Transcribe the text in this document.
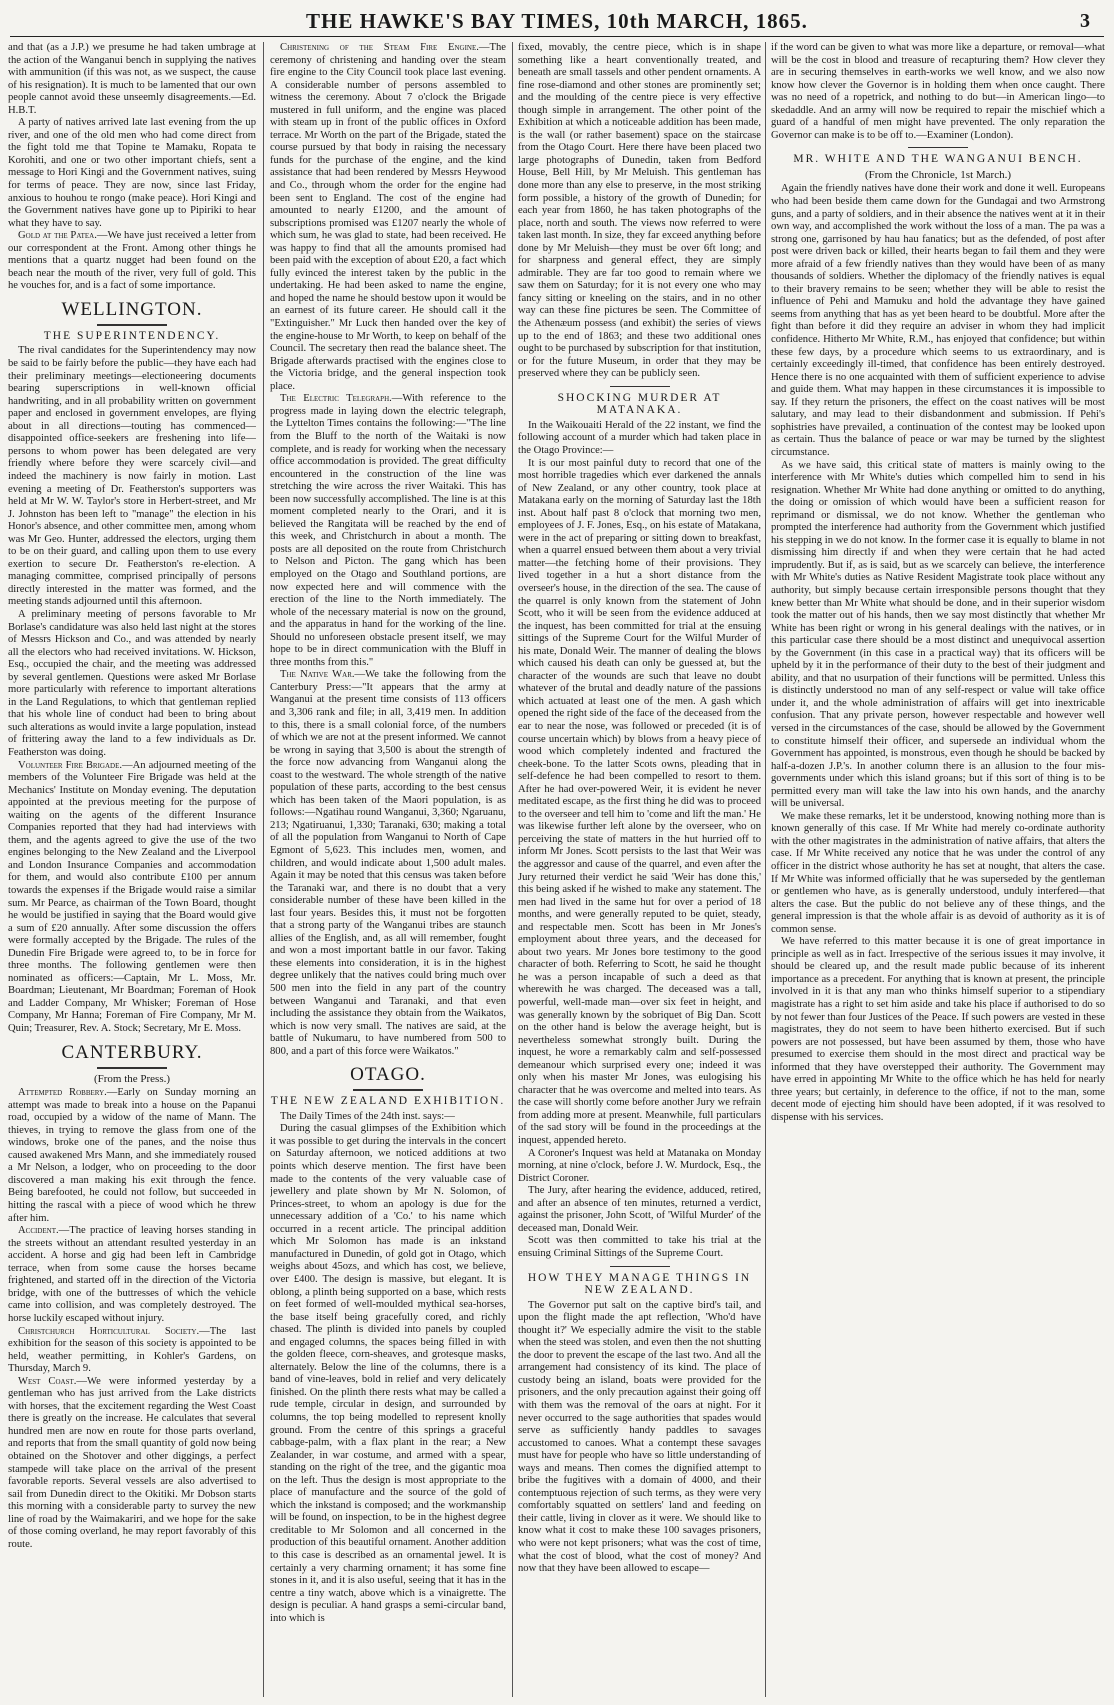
THE HAWKE'S BAY TIMES, 10th MARCH, 1865.	3

and that (as a J.P.) we presume he had taken umbrage at the action of the Wanganui bench in supplying the natives with ammunition (if this was not, as we suspect, the cause of his resignation). It is much to be lamented that our own people cannot avoid these unseemly disagreements.—Ed. H.B.T.

A party of natives arrived late last evening from the up river, and one of the old men who had come direct from the fight told me that Topine te Mamaku, Ropata te Korohiti, and one or two other important chiefs, sent a message to Hori Kingi and the Government natives, suing for terms of peace. They are now, since last Friday, anxious to houhou te rongo (make peace). Hori Kingi and the Government natives have gone up to Pipiriki to hear what they have to say.

Gold at the Patea.—We have just received a letter from our correspondent at the Front. Among other things he mentions that a quartz nugget had been found on the beach near the mouth of the river, very full of gold. This he vouches for, and is a fact of some importance.

WELLINGTON.
THE SUPERINTENDENCY.

The rival candidates for the Superintendency may now be said to be fairly before the public—they have each had their preliminary meetings—electioneering documents bearing superscriptions in well-known official handwriting, and in all probability written on government paper and enclosed in government envelopes, are flying about in all directions—touting has commenced—disappointed office-seekers are freshening into life—persons to whom power has been delegated are very friendly where before they were scarcely civil—and indeed the machinery is now fairly in motion. Last evening a meeting of Dr. Featherston's supporters was held at Mr W. W. Taylor's store in Herbert-street, and Mr J. Johnston has been left to "manage" the election in his Honor's absence, and other committee men, among whom was Mr Geo. Hunter, addressed the electors, urging them to be on their guard, and calling upon them to use every exertion to secure Dr. Featherston's re-election. A managing committee, comprised principally of persons directly interested in the matter was formed, and the meeting stands adjourned until this afternoon.

A preliminary meeting of persons favorable to Mr Borlase's candidature was also held last night at the stores of Messrs Hickson and Co., and was attended by nearly all the electors who had received invitations. W. Hickson, Esq., occupied the chair, and the meeting was addressed by several gentlemen. Questions were asked Mr Borlase more particularly with reference to important alterations in the Land Regulations, to which that gentleman replied that his whole line of conduct had been to bring about such alterations as would invite a large population, instead of frittering away the land to a few individuals as Dr. Featherston was doing.

Volunteer Fire Brigade.—An adjourned meeting of the members of the Volunteer Fire Brigade was held at the Mechanics' Institute on Monday evening. The deputation appointed at the previous meeting for the purpose of waiting on the agents of the different Insurance Companies reported that they had had interviews with them, and the agents agreed to give the use of the two engines belonging to the New Zealand and the Liverpool and London Insurance Companies and accommodation for them, and would also contribute £100 per annum towards the expenses if the Brigade would raise a similar sum. Mr Pearce, as chairman of the Town Board, thought he would be justified in saying that the Board would give a sum of £20 annually. After some discussion the offers were formally accepted by the Brigade. The rules of the Dunedin Fire Brigade were agreed to, to be in force for three months. The following gentlemen were then nominated as officers:—Captain, Mr L. Moss, Mr. Boardman; Lieutenant, Mr Boardman; Foreman of Hook and Ladder Company, Mr Whisker; Foreman of Hose Company, Mr Hanna; Foreman of Fire Company, Mr M. Quin; Treasurer, Rev. A. Stock; Secretary, Mr E. Moss.

CANTERBURY.
(From the Press.)

Attempted Robbery.—Early on Sunday morning an attempt was made to break into a house on the Papanui road, occupied by a widow of the name of Mann. The thieves, in trying to remove the glass from one of the windows, broke one of the panes, and the noise thus caused awakened Mrs Mann, and she immediately roused a Mr Nelson, a lodger, who on proceeding to the door discovered a man making his exit through the fence. Being barefooted, he could not follow, but succeeded in hitting the rascal with a piece of wood which he threw after him.

Accident.—The practice of leaving horses standing in the streets without an attendant resulted yesterday in an accident. A horse and gig had been left in Cambridge terrace, when from some cause the horses became frightened, and started off in the direction of the Victoria bridge, with one of the buttresses of which the vehicle came into collision, and was completely destroyed. The horse luckily escaped without injury.

Christchurch Horticultural Society.—The last exhibition for the season of this society is appointed to be held, weather permitting, in Kohler's Gardens, on Thursday, March 9.

West Coast.—We were informed yesterday by a gentleman who has just arrived from the Lake districts with horses, that the excitement regarding the West Coast there is greatly on the increase. He calculates that several hundred men are now en route for those parts overland, and reports that from the small quantity of gold now being obtained on the Shotover and other diggings, a perfect stampede will take place on the arrival of the present favorable reports. Several vessels are also advertised to sail from Dunedin direct to the Okitiki. Mr Dobson starts this morning with a considerable party to survey the new line of road by the Waimakariri, and we hope for the sake of those coming overland, he may report favorably of this route.

Christening of the Steam Fire Engine.—The ceremony of christening and handing over the steam fire engine to the City Council took place last evening. A considerable number of persons assembled to witness the ceremony. About 7 o'clock the Brigade mustered in full uniform, and the engine was placed with steam up in front of the public offices in Oxford terrace. Mr Worth on the part of the Brigade, stated the course pursued by that body in raising the necessary funds for the purchase of the engine, and the kind assistance that had been rendered by Messrs Heywood and Co., through whom the order for the engine had been sent to England. The cost of the engine had amounted to nearly £1200, and the amount of subscriptions promised was £1207 nearly the whole of which sum, he was glad to state, had been received. He was happy to find that all the amounts promised had been paid with the exception of about £20, a fact which fully evinced the interest taken by the public in the undertaking. He had been asked to name the engine, and hoped the name he should bestow upon it would be an earnest of its future career. He should call it the "Extinguisher." Mr Luck then handed over the key of the engine-house to Mr Worth, to keep on behalf of the Council. The secretary then read the balance sheet. The Brigade afterwards practised with the engines close to the Victoria bridge, and the general inspection took place.

The Electric Telegraph.—With reference to the progress made in laying down the electric telegraph, the Lyttelton Times contains the following:—"The line from the Bluff to the north of the Waitaki is now complete, and is ready for working when the necessary office accommodation is provided. The great difficulty encountered in the construction of the line was stretching the wire across the river Waitaki. This has been now successfully accomplished. The line is at this moment completed nearly to the Orari, and it is believed the Rangitata will be reached by the end of this week, and Christchurch in about a month. The posts are all deposited on the route from Christchurch to Nelson and Picton. The gang which has been employed on the Otago and Southland portions, are now expected here and will commence with the erection of the line to the North immediately. The whole of the necessary material is now on the ground, and the apparatus in hand for the working of the line. Should no unforeseen obstacle present itself, we may hope to be in direct communication with the Bluff in three months from this."

The Native War.—We take the following from the Canterbury Press:—"It appears that the army at Wanganui at the present time consists of 113 officers and 3,306 rank and file; in all, 3,419 men. In addition to this, there is a small colonial force, of the numbers of which we are not at the present informed. We cannot be wrong in saying that 3,500 is about the strength of the force now advancing from Wanganui along the coast to the westward. The whole strength of the native population of these parts, according to the best census which has been taken of the Maori population, is as follows:—Ngatihau round Wanganui, 3,360; Ngaruanu, 213; Ngatiruanui, 1,330; Taranaki, 630; making a total of all the population from Wanganui to North of Cape Egmont of 5,623. This includes men, women, and children, and would indicate about 1,500 adult males. Again it may be noted that this census was taken before the Taranaki war, and there is no doubt that a very considerable number of these have been killed in the last four years. Besides this, it must not be forgotten that a strong party of the Wanganui tribes are staunch allies of the English, and, as all will remember, fought and won a most important battle in our favor. Taking these elements into consideration, it is in the highest degree unlikely that the natives could bring much over 500 men into the field in any part of the country between Wanganui and Taranaki, and that even including the assistance they obtain from the Waikatos, which is now very small. The natives are said, at the battle of Nukumaru, to have numbered from 500 to 800, and a part of this force were Waikatos."

OTAGO.
THE NEW ZEALAND EXHIBITION.

The Daily Times of the 24th inst. says:—

During the casual glimpses of the Exhibition which it was possible to get during the intervals in the concert on Saturday afternoon, we noticed additions at two points which deserve mention. The first have been made to the contents of the very valuable case of jewellery and plate shown by Mr N. Solomon, of Princes-street, to whom an apology is due for the unnecessary addition of a 'Co.' to his name which occurred in a recent article. The principal addition which Mr Solomon has made is an inkstand manufactured in Dunedin, of gold got in Otago, which weighs about 45ozs, and which has cost, we believe, over £400. The design is massive, but elegant. It is oblong, a plinth being supported on a base, which rests on feet formed of well-moulded mythical sea-horses, the base itself being gracefully cored, and richly chased. The plinth is divided into panels by coupled and engaged columns, the spaces being filled in with the golden fleece, corn-sheaves, and grotesque masks, alternately. Below the line of the columns, there is a band of vine-leaves, bold in relief and very delicately finished. On the plinth there rests what may be called a rude temple, circular in design, and surrounded by columns, the top being modelled to represent knolly ground. From the centre of this springs a graceful cabbage-palm, with a flax plant in the rear; a New Zealander, in war costume, and armed with a spear, standing on the right of the tree, and the gigantic moa on the left. Thus the design is most appropriate to the place of manufacture and the source of the gold of which the inkstand is composed; and the workmanship will be found, on inspection, to be in the highest degree creditable to Mr Solomon and all concerned in the production of this beautiful ornament. Another addition to this case is described as an ornamental jewel. It is certainly a very charming ornament; it has some fine stones in it, and it is also useful, seeing that it has in the centre a tiny watch, above which is a vinaigrette. The design is peculiar. A hand grasps a semi-circular band, into which is

fixed, movably, the centre piece, which is in shape something like a heart conventionally treated, and beneath are small tassels and other pendent ornaments. A fine rose-diamond and other stones are prominently set; and the moulding of the centre piece is very effective though simple in arrangement. The other point of the Exhibition at which a noticeable addition has been made, is the wall (or rather basement) space on the staircase from the Otago Court. Here there have been placed two large photographs of Dunedin, taken from Bedford House, Bell Hill, by Mr Meluish. This gentleman has done more than any else to preserve, in the most striking form possible, a history of the growth of Dunedin; for each year from 1860, he has taken photographs of the place, north and south. The views now referred to were taken last month. In size, they far exceed anything before done by Mr Meluish—they must be over 6ft long; and for sharpness and general effect, they are simply admirable. They are far too good to remain where we saw them on Saturday; for it is not every one who may fancy sitting or kneeling on the stairs, and in no other way can these fine pictures be seen. The Committee of the Athenæum possess (and exhibit) the series of views up to the end of 1863; and these two additional ones ought to be purchased by subscription for that institution, or for the future Museum, in order that they may be preserved where they can be publicly seen.

SHOCKING MURDER AT MATANAKA.

In the Waikouaiti Herald of the 22 instant, we find the following account of a murder which had taken place in the Otago Province:—

It is our most painful duty to record that one of the most horrible tragedies which ever darkened the annals of New Zealand, or any other country, took place at Matakana early on the morning of Saturday last the 18th inst. About half past 8 o'clock that morning two men, employees of J. F. Jones, Esq., on his estate of Matakana, were in the act of preparing or sitting down to breakfast, when a quarrel ensued between them about a very trivial matter—the fetching home of their provisions. They lived together in a hut a short distance from the overseer's house, in the direction of the sea. The cause of the quarrel is only known from the statement of John Scott, who it will be seen from the evidence adduced at the inquest, has been committed for trial at the ensuing sittings of the Supreme Court for the Wilful Murder of his mate, Donald Weir. The manner of dealing the blows which caused his death can only be guessed at, but the character of the wounds are such that leave no doubt whatever of the brutal and deadly nature of the passions which actuated at least one of the men. A gash which opened the right side of the face of the deceased from the ear to near the nose, was followed or preceded (it is of course uncertain which) by blows from a heavy piece of wood which completely indented and fractured the cheek-bone. To the latter Scots owns, pleading that in self-defence he had been compelled to resort to them. After he had over-powered Weir, it is evident he never meditated escape, as the first thing he did was to proceed to the overseer and tell him to 'come and lift the man.' He was likewise further left alone by the overseer, who on perceiving the state of matters in the hut hurried off to inform Mr Jones. Scott persists to the last that Weir was the aggressor and cause of the quarrel, and even after the Jury returned their verdict he said 'Weir has done this,' this being asked if he wished to make any statement. The men had lived in the same hut for over a period of 18 months, and were generally reputed to be quiet, steady, and respectable men. Scott has been in Mr Jones's employment about three years, and the deceased for about two years. Mr Jones bore testimony to the good character of both. Referring to Scott, he said he thought he was a person incapable of such a deed as that wherewith he was charged. The deceased was a tall, powerful, well-made man—over six feet in height, and was generally known by the sobriquet of Big Dan. Scott on the other hand is below the average height, but is nevertheless somewhat strongly built. During the inquest, he wore a remarkably calm and self-possessed demeanour which surprised every one; indeed it was only when his master Mr Jones, was eulogising his character that he was overcome and melted into tears. As the case will shortly come before another Jury we refrain from adding more at present. Meanwhile, full particulars of the sad story will be found in the proceedings at the inquest, appended hereto.

A Coroner's Inquest was held at Matanaka on Monday morning, at nine o'clock, before J. W. Murdock, Esq., the District Coroner.

The Jury, after hearing the evidence, adduced, retired, and after an absence of ten minutes, returned a verdict, against the prisoner, John Scott, of 'Wilful Murder' of the deceased man, Donald Weir.

Scott was then committed to take his trial at the ensuing Criminal Sittings of the Supreme Court.

HOW THEY MANAGE THINGS IN NEW ZEALAND.

The Governor put salt on the captive bird's tail, and upon the flight made the apt reflection, 'Who'd have thought it?' We especially admire the visit to the stable when the steed was stolen, and even then the not shutting the door to prevent the escape of the last two. And all the arrangement had consistency of its kind. The place of custody being an island, boats were provided for the prisoners, and the only precaution against their going off with them was the removal of the oars at night. For it never occurred to the sage authorities that spades would serve as sufficiently handy paddles to savages accustomed to canoes. What a contempt these savages must have for people who have so little understanding of ways and means. Then comes the dignified attempt to bribe the fugitives with a domain of 4000, and their contemptuous rejection of such terms, as they were very comfortably squatted on settlers' land and feeding on their cattle, living in clover as it were. We should like to know what it cost to make these 100 savages prisoners, who were not kept prisoners; what was the cost of time, what the cost of blood, what the cost of money? And now that they have been allowed to escape—

if the word can be given to what was more like a departure, or removal—what will be the cost in blood and treasure of recapturing them? How clever they are in securing themselves in earth-works we well know, and we also now know how clever the Governor is in holding them when once caught. There was no need of a ropetrick, and nothing to do but—in American lingo—to skedaddle. And an army will now be required to repair the mischief which a guard of a handful of men might have prevented. The only reparation the Governor can make is to be off to.—Examiner (London).

MR. WHITE AND THE WANGANUI BENCH.
(From the Chronicle, 1st March.)

Again the friendly natives have done their work and done it well. Europeans who had been beside them came down for the Gundagai and two Armstrong guns, and a party of soldiers, and in their absence the natives went at it in their own way, and accomplished the work without the loss of a man. The pa was a strong one, garrisoned by hau hau fanatics; but as the defended, of post after post were driven back or killed, their hearts began to fail them and they were more afraid of a few friendly natives than they would have been of as many thousands of soldiers. Whether the diplomacy of the friendly natives is equal to their bravery remains to be seen; whether they will be able to resist the influence of Pehi and Mamuku and hold the advantage they have gained seems from anything that has as yet been heard to be doubtful. More after the fight than before it did they require an adviser in whom they had implicit confidence. Hitherto Mr White, R.M., has enjoyed that confidence; but within these few days, by a procedure which seems to us extraordinary, and is certainly exceedingly ill-timed, that confidence has been entirely destroyed. Hence there is no one acquainted with them of sufficient experience to advise and guide them. What may happen in these circumstances it is impossible to say. If they return the prisoners, the effect on the coast natives will be most salutary, and may lead to their disbandonment and submission. If Pehi's sophistries have prevailed, a continuation of the contest may be looked upon as certain. Thus the balance of peace or war may be turned by the slightest circumstance.

As we have said, this critical state of matters is mainly owing to the interference with Mr White's duties which compelled him to send in his resignation. Whether Mr White had done anything or omitted to do anything, the doing or omission of which would have been a sufficient reason for reprimand or dismissal, we do not know. Whether the gentleman who prompted the interference had authority from the Government which justified his stepping in we do not know. In the former case it is equally to blame in not dismissing him directly if and when they were certain that he had acted imprudently. But if, as is said, but as we scarcely can believe, the interference with Mr White's duties as Native Resident Magistrate took place without any authority, but simply because certain irresponsible persons thought that they knew better than Mr White what should be done, and in their superior wisdom took the matter out of his hands, then we say most distinctly that whether Mr White has been right or wrong in his general dealings with the natives, or in this particular case there should be a most distinct and unequivocal assertion by the Government (in this case in a practical way) that its officers will be upheld by it in the performance of their duty to the best of their judgment and ability, and that no usurpation of their functions will be permitted. Unless this is distinctly understood no man of any self-respect or value will take office under it, and the whole administration of affairs will get into inextricable confusion. That any private person, however respectable and however well versed in the circumstances of the case, should be allowed by the Government to constitute himself their officer, and supersede an individual whom the Government has appointed, is monstrous, even though he should be backed by half-a-dozen J.P.'s. In another column there is an allusion to the four mis-governments under which this island groans; but if this sort of thing is to be permitted every man will take the law into his own hands, and the anarchy will be universal.

We make these remarks, let it be understood, knowing nothing more than is known generally of this case. If Mr White had merely co-ordinate authority with the other magistrates in the administration of native affairs, that alters the case. If Mr White received any notice that he was under the control of any officer in the district whose authority he has set at nought, that alters the case. If Mr White was informed officially that he was superseded by the gentleman or gentlemen who have, as is generally understood, unduly interfered—that alters the case. But the public do not believe any of these things, and the general impression is that the whole affair is as devoid of authority as it is of common sense.

We have referred to this matter because it is one of great importance in principle as well as in fact. Irrespective of the serious issues it may involve, it should be cleared up, and the result made public because of its inherent importance as a precedent. For anything that is known at present, the principle involved in it is that any man who thinks himself superior to a stipendiary magistrate has a right to set him aside and take his place if authorised to do so by not fewer than four Justices of the Peace. If such powers are vested in these magistrates, they do not seem to have been hitherto exercised. But if such powers are not possessed, but have been assumed by them, those who have presumed to exercise them should in the most direct and practical way be informed that they have overstepped their authority. The Government may have erred in appointing Mr White to the office which he has held for nearly three years; but certainly, in deference to the office, if not to the man, some decent mode of ejecting him should have been adopted, if it was resolved to dispense with his services.
